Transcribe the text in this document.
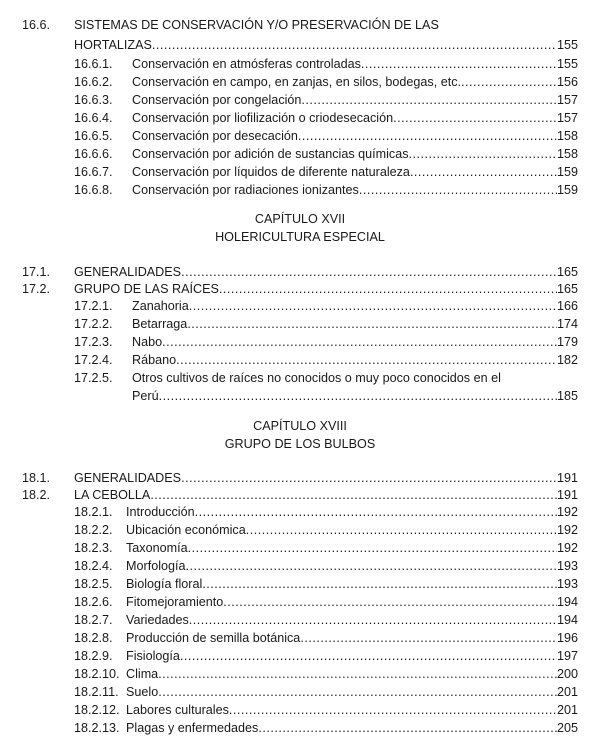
16.6. SISTEMAS DE CONSERVACIÓN Y/O PRESERVACIÓN DE LAS
HORTALIZAS .....	155
16.6.1. Conservación en atmósferas controladas .....	155
16.6.2. Conservación en campo, en zanjas, en silos, bodegas, etc. .....	156
16.6.3. Conservación por congelación .....	157
16.6.4. Conservación por liofilización o criodesecación .....	157
16.6.5. Conservación por desecación .....	158
16.6.6. Conservación por adición de sustancias químicas .....	158
16.6.7. Conservación por líquidos de diferente naturaleza .....	159
16.6.8. Conservación por radiaciones ionizantes .....	159
CAPÍTULO XVII
HOLERICULTURA ESPECIAL
17.1. GENERALIDADES .....	165
17.2. GRUPO DE LAS RAÍCES .....	165
17.2.1. Zanahoria .....	166
17.2.2. Betarraga .....	174
17.2.3. Nabo .....	179
17.2.4. Rábano .....	182
17.2.5. Otros cultivos de raíces no conocidos o muy poco conocidos en el
Perú .....	185
CAPÍTULO XVIII
GRUPO DE LOS BULBOS
18.1. GENERALIDADES .....	191
18.2. LA CEBOLLA .....	191
18.2.1. Introducción .....	192
18.2.2. Ubicación económica .....	192
18.2.3. Taxonomía .....	192
18.2.4. Morfología .....	193
18.2.5. Biología floral .....	193
18.2.6. Fitomejoramiento .....	194
18.2.7. Variedades .....	194
18.2.8. Producción de semilla botánica .....	196
18.2.9. Fisiología .....	197
18.2.10. Clima .....	200
18.2.11. Suelo .....	201
18.2.12. Labores culturales .....	201
18.2.13. Plagas y enfermedades .....	205
